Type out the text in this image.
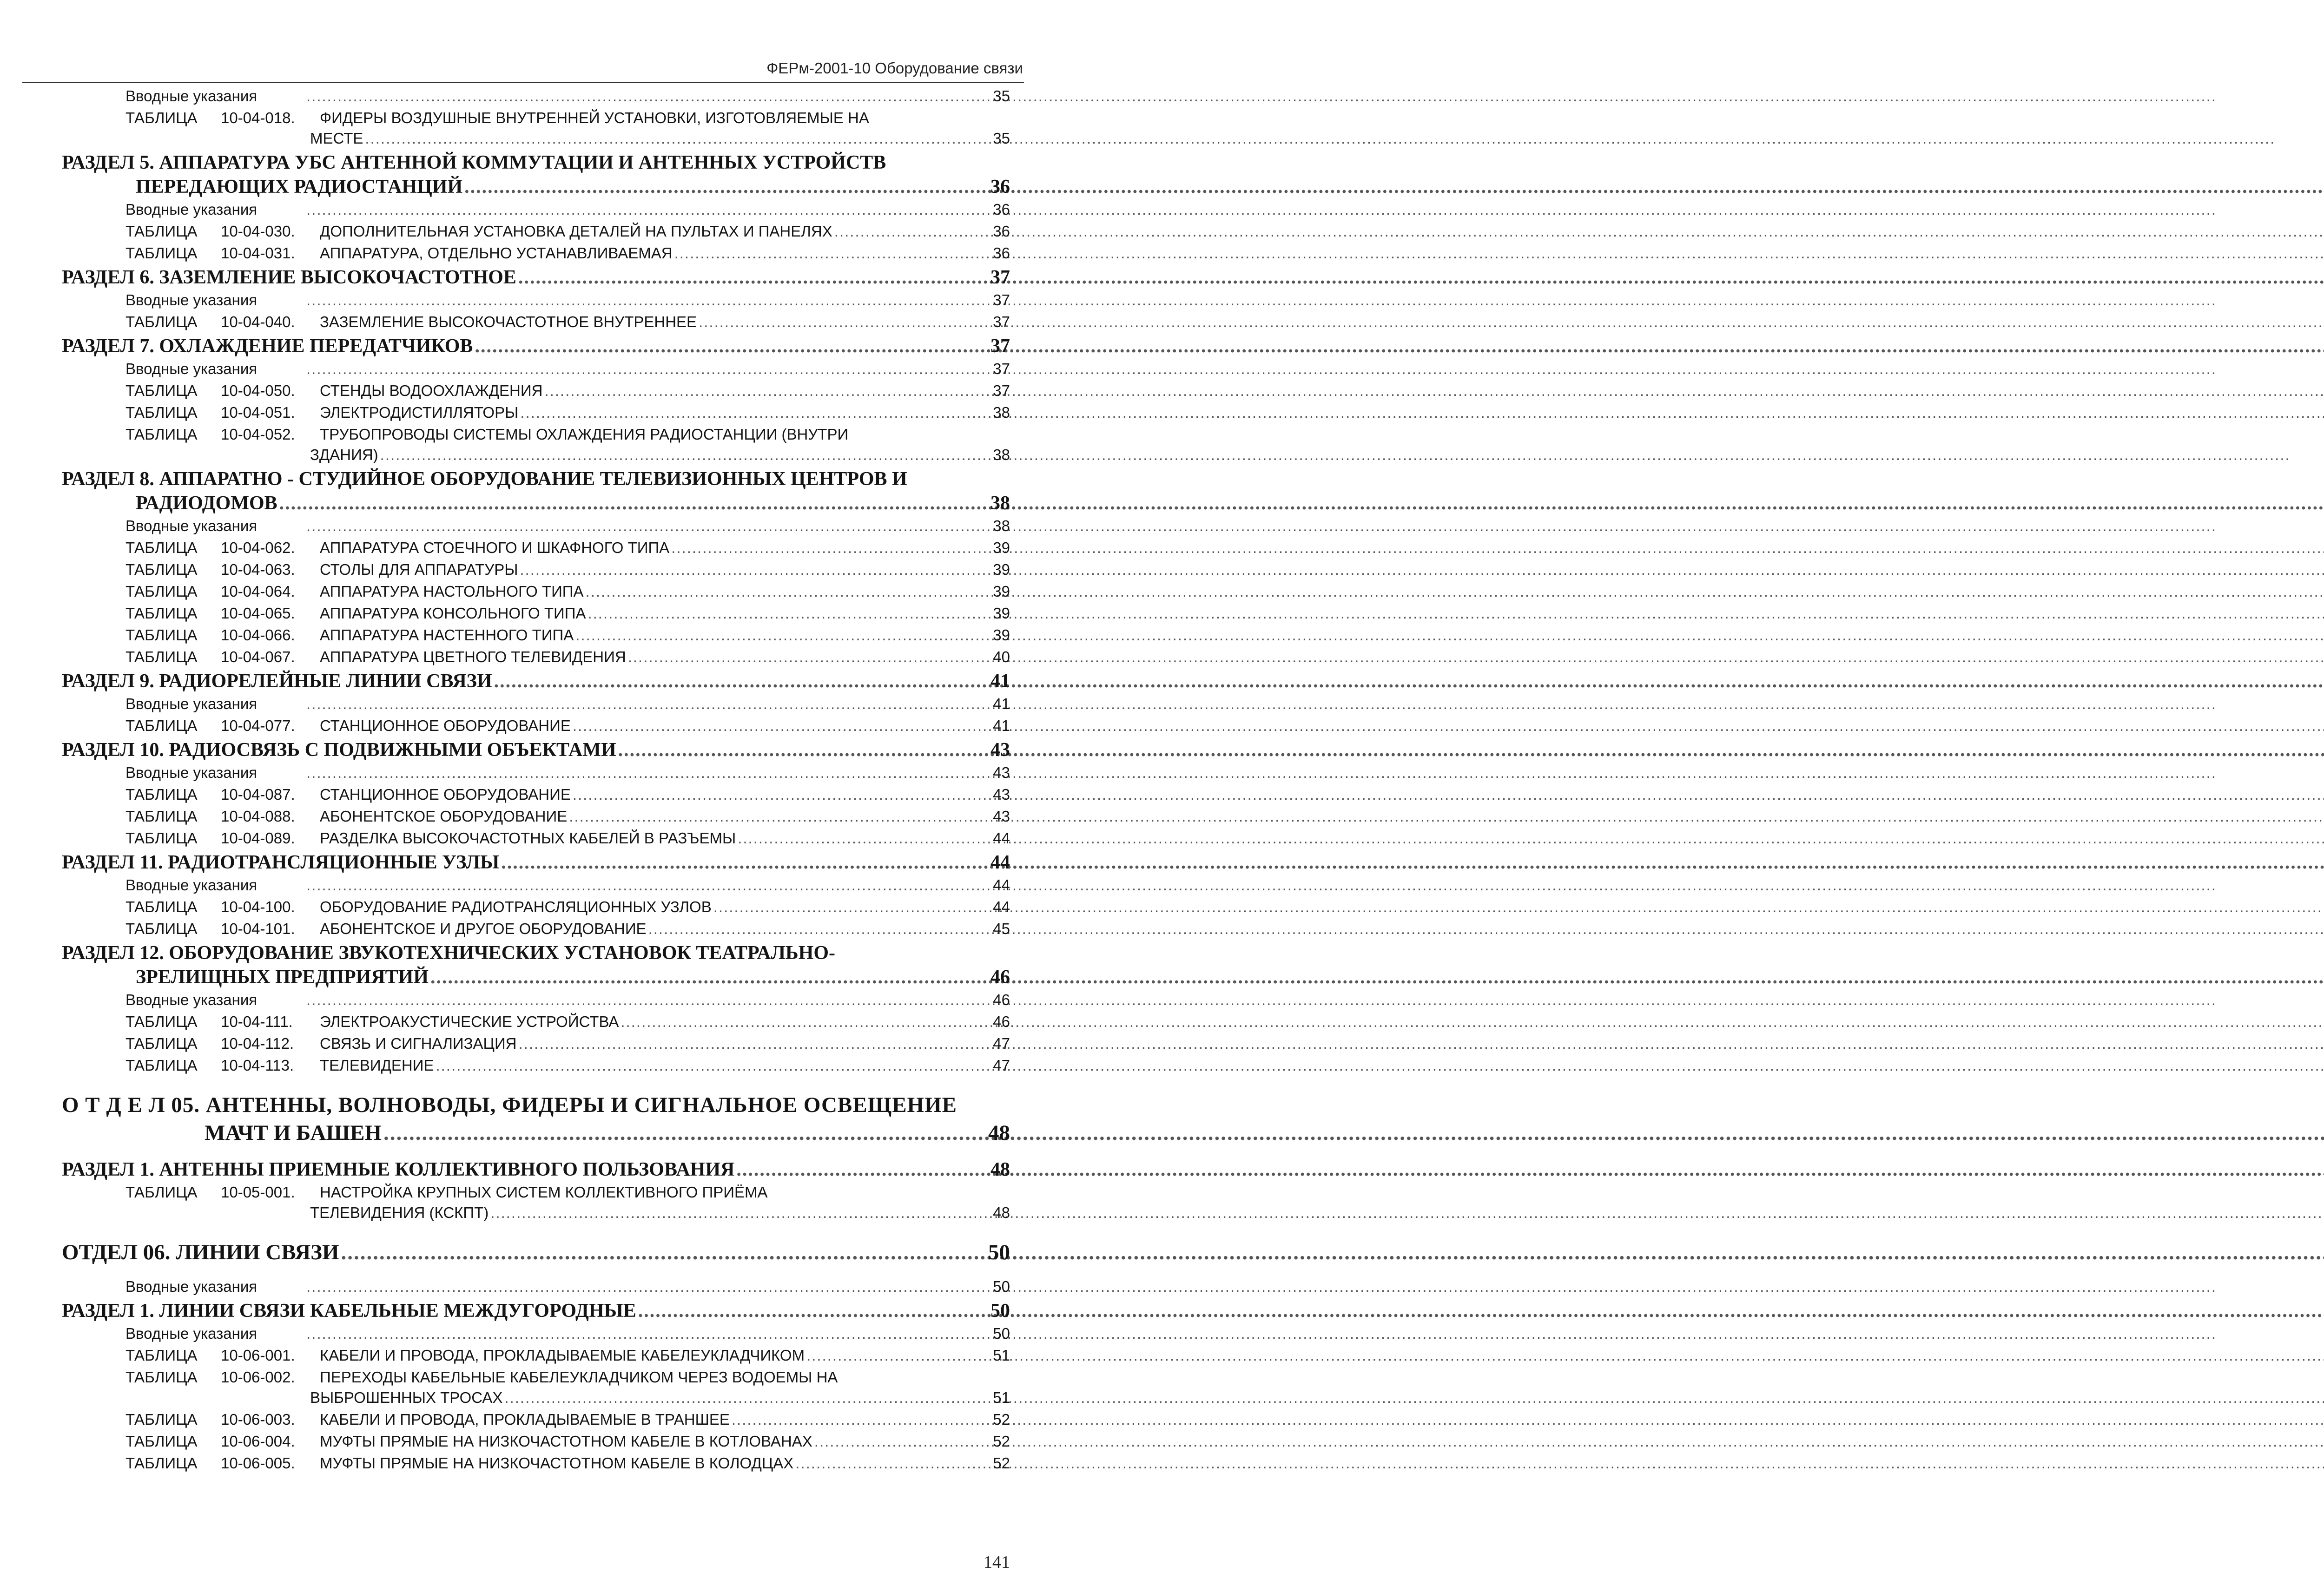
ФЕРм-2001-10 Оборудование связи
Вводные указания .....	35
ТАБЛИЦА	10-04-018.	ФИДЕРЫ ВОЗДУШНЫЕ ВНУТРЕННЕЙ УСТАНОВКИ, ИЗГОТОВЛЯЕМЫЕ НА
МЕСТЕ .....	35
РАЗДЕЛ 5. АППАРАТУРА УБС АНТЕННОЙ КОММУТАЦИИ И АНТЕННЫХ УСТРОЙСТВ
ПЕРЕДАЮЩИХ РАДИОСТАНЦИЙ .....	36
Вводные указания .....	36
ТАБЛИЦА	10-04-030.	ДОПОЛНИТЕЛЬНАЯ УСТАНОВКА ДЕТАЛЕЙ НА ПУЛЬТАХ И ПАНЕЛЯХ .....	36
ТАБЛИЦА	10-04-031.	АППАРАТУРА, ОТДЕЛЬНО УСТАНАВЛИВАЕМАЯ .....	36
РАЗДЕЛ 6. ЗАЗЕМЛЕНИЕ ВЫСОКОЧАСТОТНОЕ .....	37
Вводные указания .....	37
ТАБЛИЦА	10-04-040.	ЗАЗЕМЛЕНИЕ ВЫСОКОЧАСТОТНОЕ ВНУТРЕННЕЕ .....	37
РАЗДЕЛ 7. ОХЛАЖДЕНИЕ ПЕРЕДАТЧИКОВ .....	37
Вводные указания .....	37
ТАБЛИЦА	10-04-050.	СТЕНДЫ ВОДООХЛАЖДЕНИЯ .....	37
ТАБЛИЦА	10-04-051.	ЭЛЕКТРОДИСТИЛЛЯТОРЫ .....	38
ТАБЛИЦА	10-04-052.	ТРУБОПРОВОДЫ СИСТЕМЫ ОХЛАЖДЕНИЯ РАДИОСТАНЦИИ (ВНУТРИ
ЗДАНИЯ) .....	38
РАЗДЕЛ 8. АППАРАТНО - СТУДИЙНОЕ ОБОРУДОВАНИЕ ТЕЛЕВИЗИОННЫХ ЦЕНТРОВ И
РАДИОДОМОВ .....	38
Вводные указания .....	38
ТАБЛИЦА	10-04-062.	АППАРАТУРА СТОЕЧНОГО И ШКАФНОГО ТИПА .....	39
ТАБЛИЦА	10-04-063.	СТОЛЫ ДЛЯ АППАРАТУРЫ .....	39
ТАБЛИЦА	10-04-064.	АППАРАТУРА НАСТОЛЬНОГО ТИПА .....	39
ТАБЛИЦА	10-04-065.	АППАРАТУРА КОНСОЛЬНОГО ТИПА .....	39
ТАБЛИЦА	10-04-066.	АППАРАТУРА НАСТЕННОГО ТИПА .....	39
ТАБЛИЦА	10-04-067.	АППАРАТУРА ЦВЕТНОГО ТЕЛЕВИДЕНИЯ .....	40
РАЗДЕЛ 9. РАДИОРЕЛЕЙНЫЕ ЛИНИИ СВЯЗИ .....	41
Вводные указания .....	41
ТАБЛИЦА	10-04-077.	СТАНЦИОННОЕ ОБОРУДОВАНИЕ .....	41
РАЗДЕЛ 10. РАДИОСВЯЗЬ С ПОДВИЖНЫМИ ОБЪЕКТАМИ .....	43
Вводные указания .....	43
ТАБЛИЦА	10-04-087.	СТАНЦИОННОЕ ОБОРУДОВАНИЕ .....	43
ТАБЛИЦА	10-04-088.	АБОНЕНТСКОЕ ОБОРУДОВАНИЕ .....	43
ТАБЛИЦА	10-04-089.	РАЗДЕЛКА ВЫСОКОЧАСТОТНЫХ КАБЕЛЕЙ В РАЗЪЕМЫ .....	44
РАЗДЕЛ 11. РАДИОТРАНСЛЯЦИОННЫЕ УЗЛЫ .....	44
Вводные указания .....	44
ТАБЛИЦА	10-04-100.	ОБОРУДОВАНИЕ РАДИОТРАНСЛЯЦИОННЫХ УЗЛОВ .....	44
ТАБЛИЦА	10-04-101.	АБОНЕНТСКОЕ И ДРУГОЕ ОБОРУДОВАНИЕ .....	45
РАЗДЕЛ 12. ОБОРУДОВАНИЕ ЗВУКОТЕХНИЧЕСКИХ УСТАНОВОК ТЕАТРАЛЬНО-
ЗРЕЛИЩНЫХ ПРЕДПРИЯТИЙ .....	46
Вводные указания .....	46
ТАБЛИЦА	10-04-111.	ЭЛЕКТРОАКУСТИЧЕСКИЕ УСТРОЙСТВА .....	46
ТАБЛИЦА	10-04-112.	СВЯЗЬ И СИГНАЛИЗАЦИЯ .....	47
ТАБЛИЦА	10-04-113.	ТЕЛЕВИДЕНИЕ .....	47
О Т Д Е Л 05. АНТЕННЫ, ВОЛНОВОДЫ, ФИДЕРЫ И СИГНАЛЬНОЕ ОСВЕЩЕНИЕ
МАЧТ И БАШЕН .....	48
РАЗДЕЛ 1. АНТЕННЫ ПРИЕМНЫЕ КОЛЛЕКТИВНОГО ПОЛЬЗОВАНИЯ .....	48
ТАБЛИЦА	10-05-001.	НАСТРОЙКА КРУПНЫХ СИСТЕМ КОЛЛЕКТИВНОГО ПРИЁМА
ТЕЛЕВИДЕНИЯ (КСКПТ) .....	48
ОТДЕЛ 06. ЛИНИИ СВЯЗИ .....	50
Вводные указания .....	50
РАЗДЕЛ 1. ЛИНИИ СВЯЗИ КАБЕЛЬНЫЕ МЕЖДУГОРОДНЫЕ .....	50
Вводные указания .....	50
ТАБЛИЦА	10-06-001.	КАБЕЛИ И ПРОВОДА, ПРОКЛАДЫВАЕМЫЕ КАБЕЛЕУКЛАДЧИКОМ .....	51
ТАБЛИЦА	10-06-002.	ПЕРЕХОДЫ КАБЕЛЬНЫЕ КАБЕЛЕУКЛАДЧИКОМ ЧЕРЕЗ ВОДОЕМЫ НА
ВЫБРОШЕННЫХ ТРОСАХ .....	51
ТАБЛИЦА	10-06-003.	КАБЕЛИ И ПРОВОДА, ПРОКЛАДЫВАЕМЫЕ В ТРАНШЕЕ .....	52
ТАБЛИЦА	10-06-004.	МУФТЫ ПРЯМЫЕ НА НИЗКОЧАСТОТНОМ КАБЕЛЕ В КОТЛОВАНАХ .....	52
ТАБЛИЦА	10-06-005.	МУФТЫ ПРЯМЫЕ НА НИЗКОЧАСТОТНОМ КАБЕЛЕ В КОЛОДЦАХ .....	52
141
